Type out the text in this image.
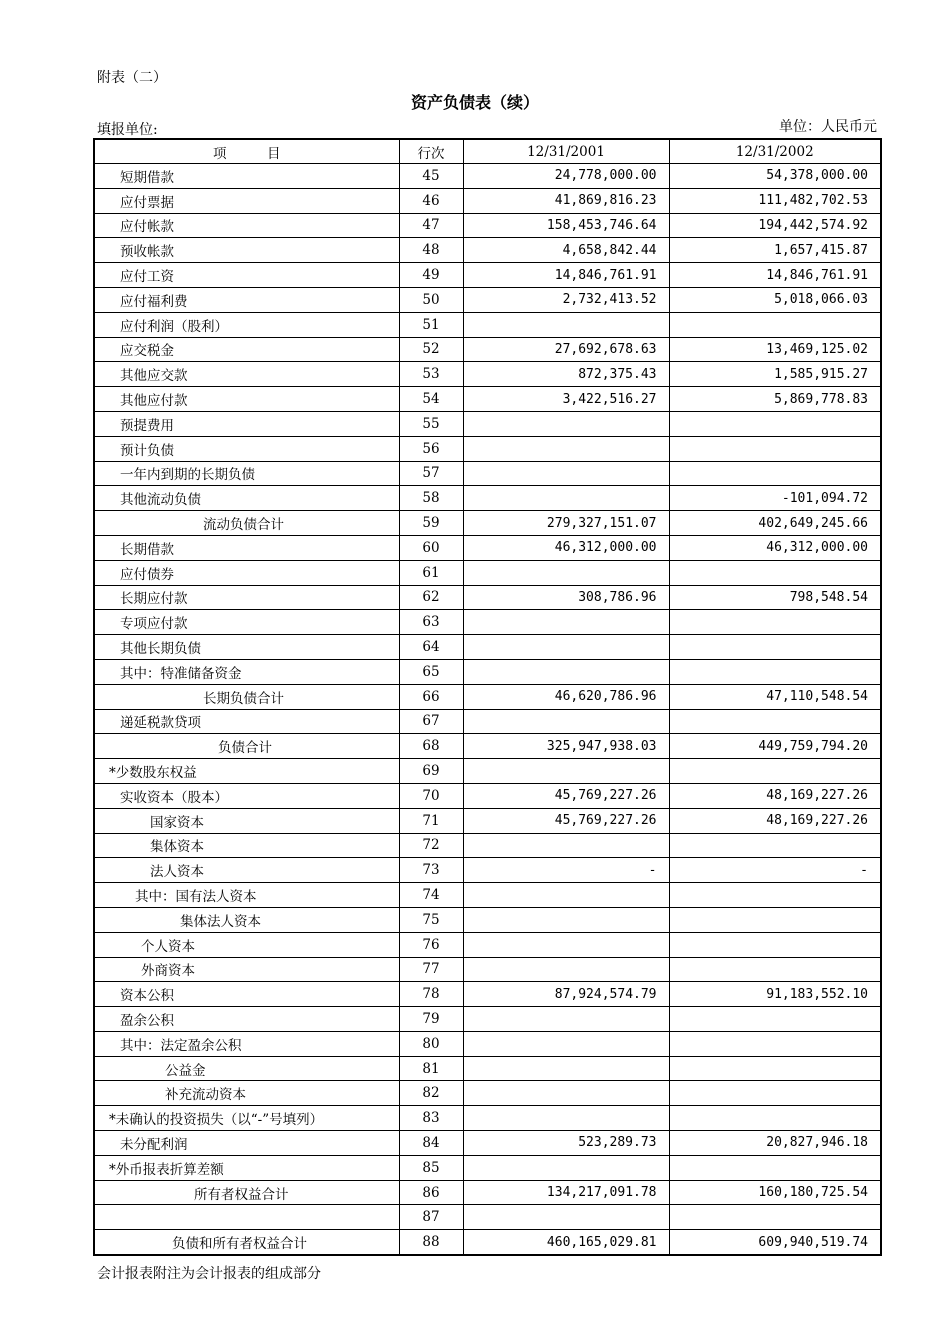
附表（二）
资产负债表（续）
填报单位:	单位：人民币元
项　　　目	行次	12/31/2001	12/31/2002
短期借款	45	24,778,000.00	54,378,000.00
应付票据	46	41,869,816.23	111,482,702.53
应付帐款	47	158,453,746.64	194,442,574.92
预收帐款	48	4,658,842.44	1,657,415.87
应付工资	49	14,846,761.91	14,846,761.91
应付福利费	50	2,732,413.52	5,018,066.03
应付利润（股利）	51		
应交税金	52	27,692,678.63	13,469,125.02
其他应交款	53	872,375.43	1,585,915.27
其他应付款	54	3,422,516.27	5,869,778.83
预提费用	55		
预计负债	56		
一年内到期的长期负债	57		
其他流动负债	58		-101,094.72
流动负债合计	59	279,327,151.07	402,649,245.66
长期借款	60	46,312,000.00	46,312,000.00
应付债券	61		
长期应付款	62	308,786.96	798,548.54
专项应付款	63		
其他长期负债	64		
其中：特准储备资金	65		
长期负债合计	66	46,620,786.96	47,110,548.54
递延税款贷项	67		
负债合计	68	325,947,938.03	449,759,794.20
*少数股东权益	69		
实收资本（股本）	70	45,769,227.26	48,169,227.26
国家资本	71	45,769,227.26	48,169,227.26
集体资本	72		
法人资本	73	-	-
其中：国有法人资本	74		
集体法人资本	75		
个人资本	76		
外商资本	77		
资本公积	78	87,924,574.79	91,183,552.10
盈余公积	79		
其中：法定盈余公积	80		
公益金	81		
补充流动资本	82		
*未确认的投资损失（以“-”号填列）	83		
未分配利润	84	523,289.73	20,827,946.18
*外币报表折算差额	85		
所有者权益合计	86	134,217,091.78	160,180,725.54
	87		
负债和所有者权益合计	88	460,165,029.81	609,940,519.74
会计报表附注为会计报表的组成部分
